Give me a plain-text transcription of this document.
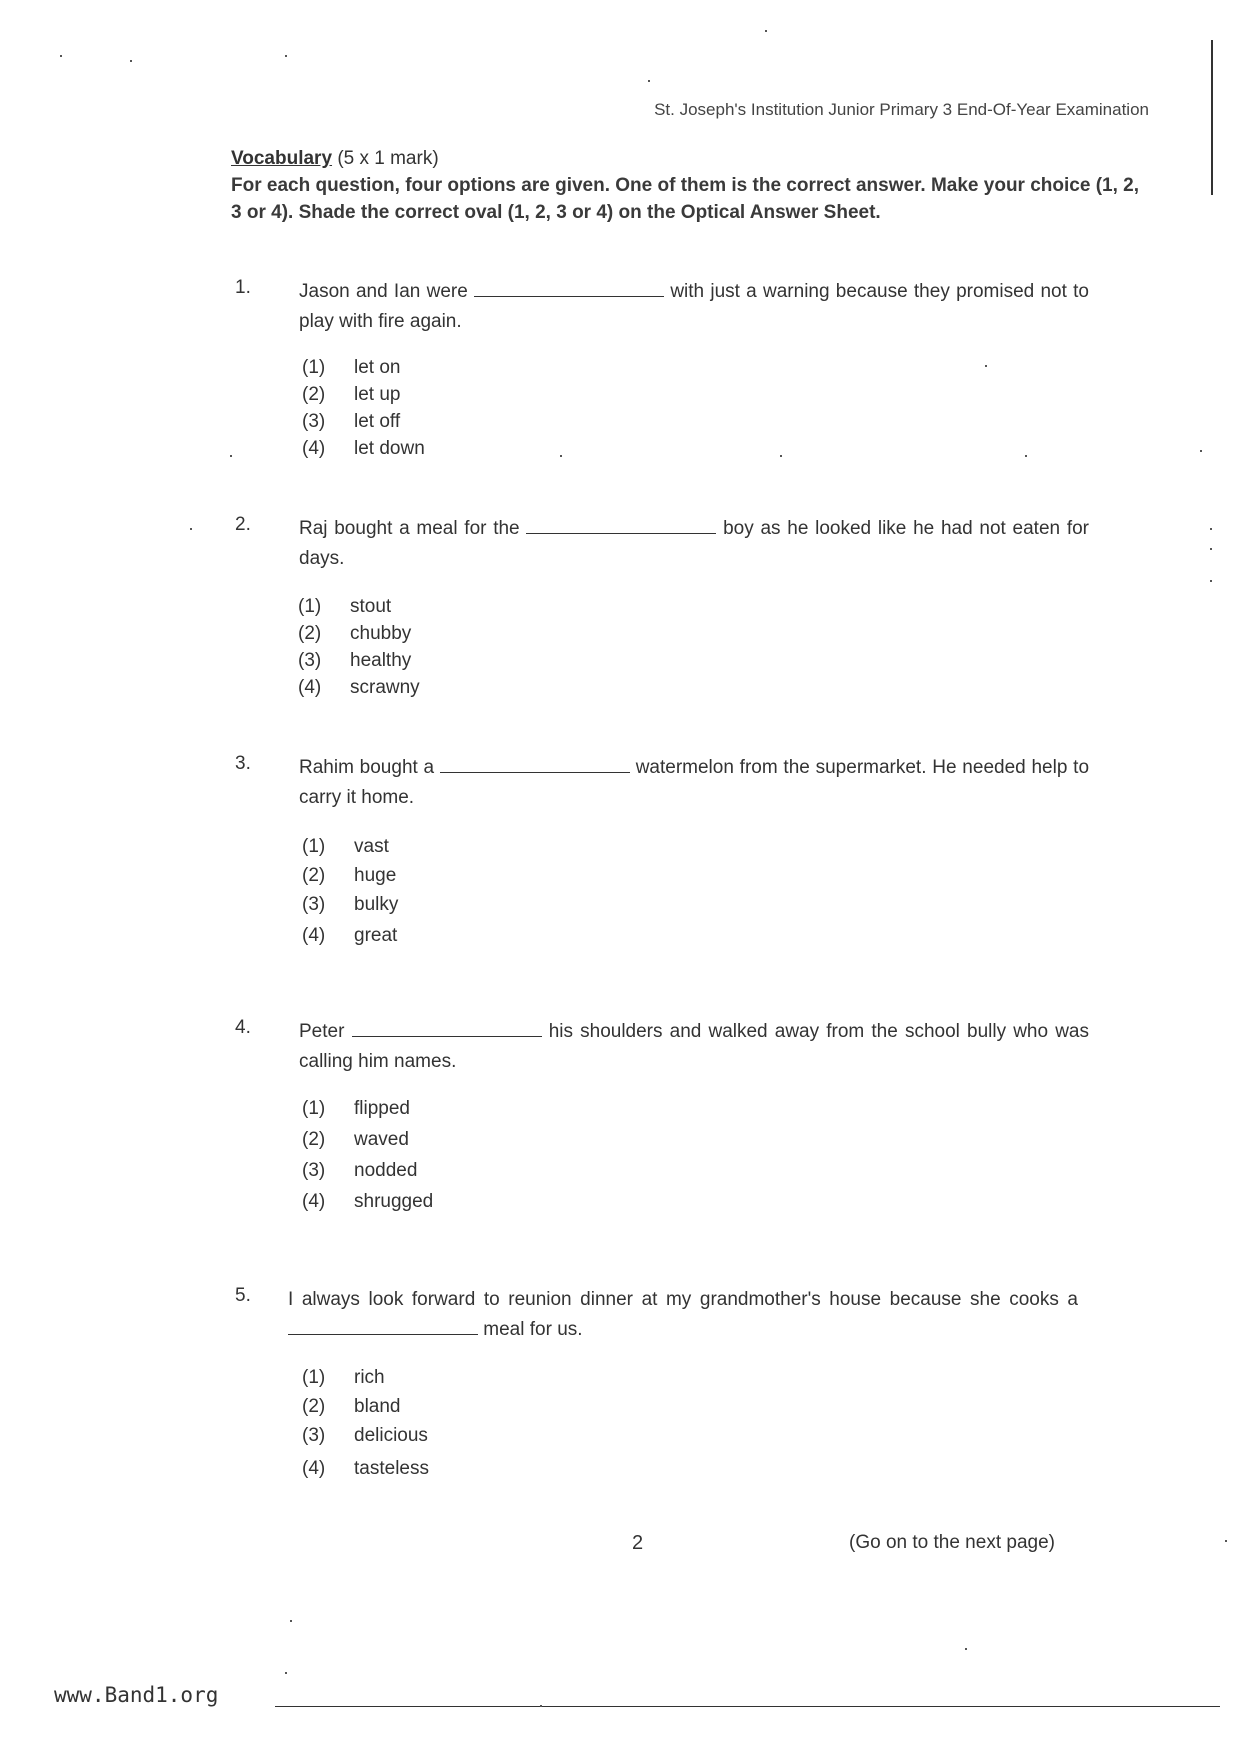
St. Joseph's Institution Junior Primary 3 End-Of-Year Examination
Vocabulary (5 x 1 mark)
For each question, four options are given. One of them is the correct answer. Make your choice (1, 2, 3 or 4). Shade the correct oval (1, 2, 3 or 4) on the Optical Answer Sheet.
1.	Jason and Ian were	with just a warning because they promised not to play with fire again.
(1) let on
(2) let up
(3) let off
(4) let down
2.	Raj bought a meal for the	boy as he looked like he had not eaten for days.
(1) stout
(2) chubby
(3) healthy
(4) scrawny
3.	Rahim bought a	watermelon from the supermarket. He needed help to carry it home.
(1) vast
(2) huge
(3) bulky
(4) great
4.	Peter	his shoulders and walked away from the school bully who was calling him names.
(1) flipped
(2) waved
(3) nodded
(4) shrugged
5. I always look forward to reunion dinner at my grandmother's house because she cooks a  meal for us.
(1) rich
(2) bland
(3) delicious
(4) tasteless
2	(Go on to the next page)
www.Band1.org
